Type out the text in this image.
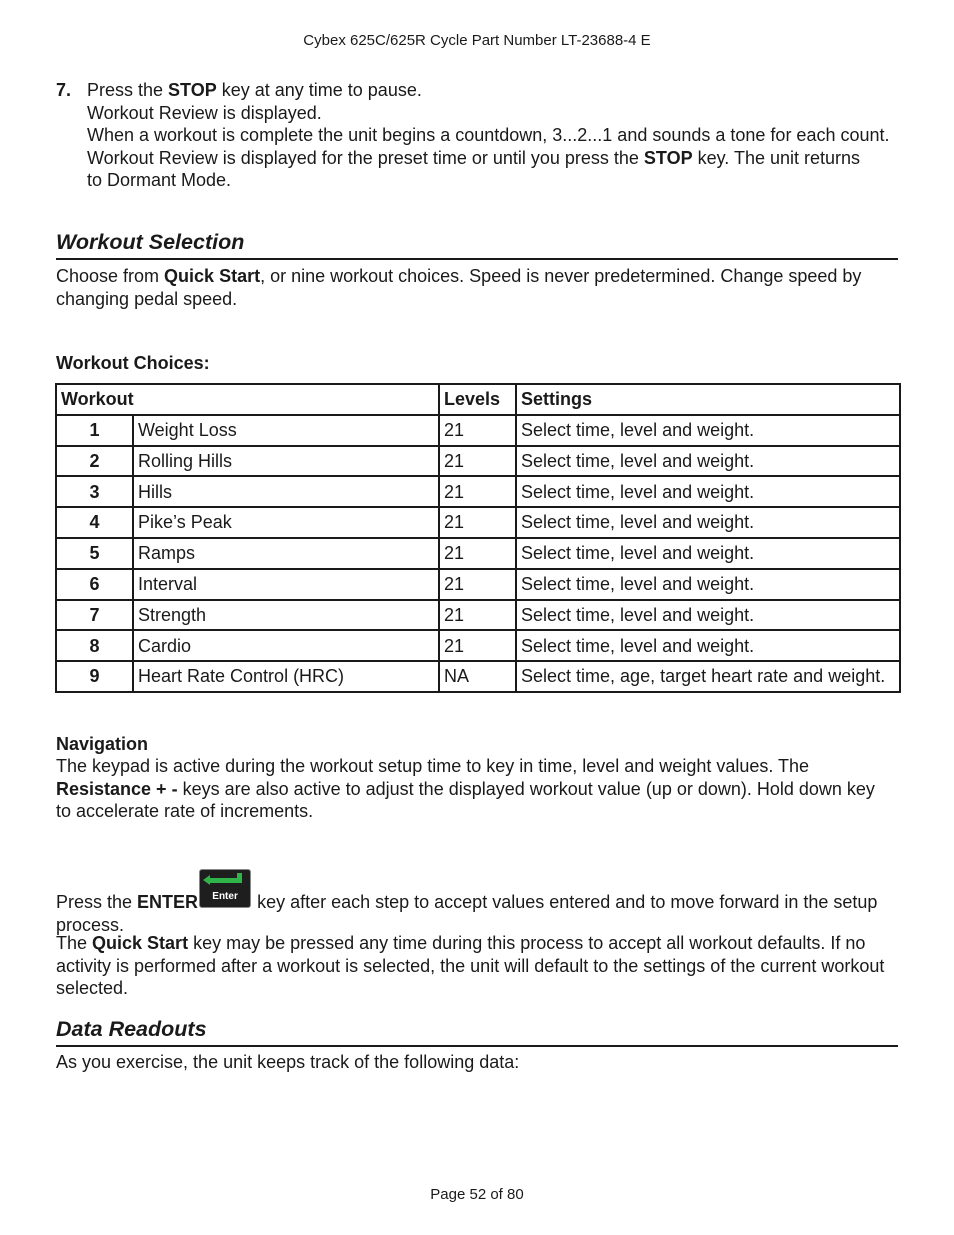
Cybex 625C/625R Cycle Part Number LT-23688-4 E
7. Press the STOP key at any time to pause.
Workout Review is displayed.
When a workout is complete the unit begins a countdown, 3...2...1 and sounds a tone for each count.
Workout Review is displayed for the preset time or until you press the STOP key. The unit returns
to Dormant Mode.
Workout Selection
Choose from Quick Start, or nine workout choices. Speed is never predetermined. Change speed by
changing pedal speed.
Workout Choices:
Workout		Levels	Settings
1	Weight Loss	21	Select time, level and weight.
2	Rolling Hills	21	Select time, level and weight.
3	Hills	21	Select time, level and weight.
4	Pike’s Peak	21	Select time, level and weight.
5	Ramps	21	Select time, level and weight.
6	Interval	21	Select time, level and weight.
7	Strength	21	Select time, level and weight.
8	Cardio	21	Select time, level and weight.
9	Heart Rate Control (HRC)	NA	Select time, age, target heart rate and weight.
Navigation
The keypad is active during the workout setup time to key in time, level and weight values. The
Resistance + - keys are also active to adjust the displayed workout value (up or down). Hold down key
to accelerate rate of increments.
Press the ENTER	Enter key after each step to accept values entered and to move forward in the setup
process.
The Quick Start key may be pressed any time during this process to accept all workout defaults. If no
activity is performed after a workout is selected, the unit will default to the settings of the current workout
selected.
Data Readouts
As you exercise, the unit keeps track of the following data:
Page 52 of 80
